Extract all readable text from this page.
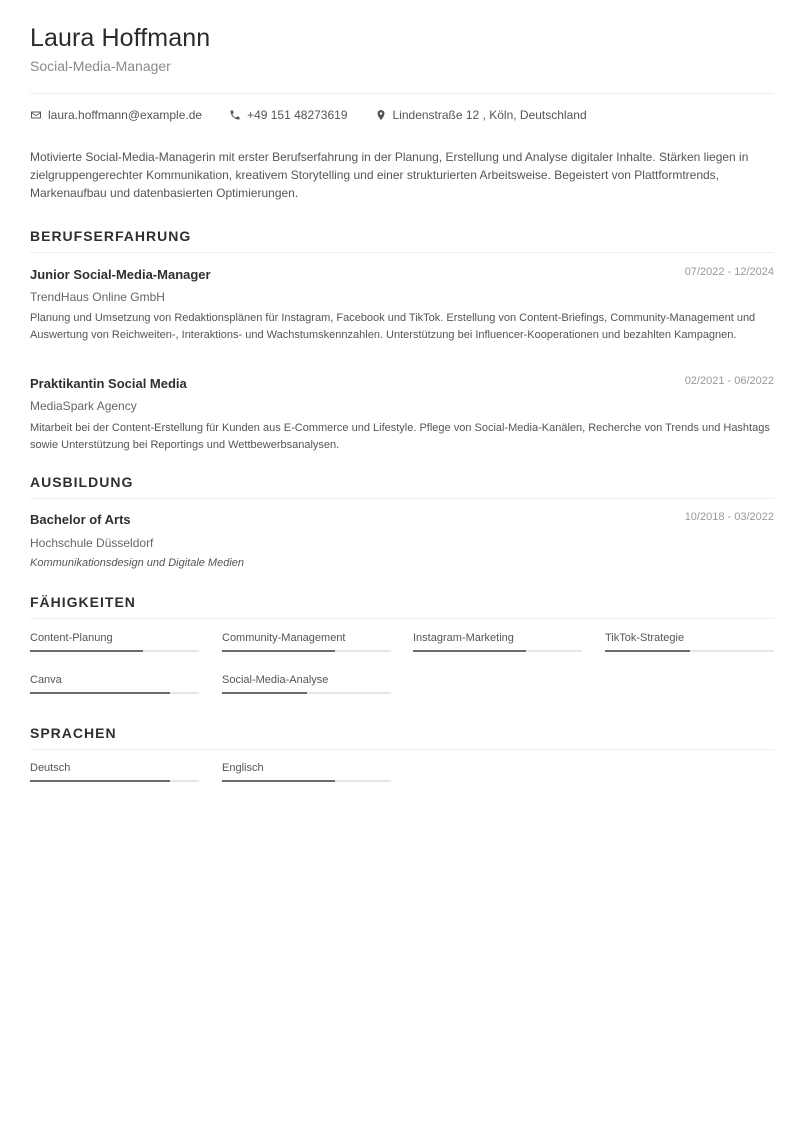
Laura Hoffmann
Social-Media-Manager
laura.hoffmann@example.de	+49 151 48273619	Lindenstraße 12 , Köln, Deutschland

Motivierte Social-Media-Managerin mit erster Berufserfahrung in der Planung, Erstellung und Analyse digitaler Inhalte. Stärken liegen in zielgruppengerechter Kommunikation, kreativem Storytelling und einer strukturierten Arbeitsweise. Begeistert von Plattformtrends, Markenaufbau und datenbasierten Optimierungen.

BERUFSERFAHRUNG
Junior Social-Media-Manager	07/2022 - 12/2024
TrendHaus Online GmbH

Planung und Umsetzung von Redaktionsplänen für Instagram, Facebook und TikTok. Erstellung von Content-Briefings, Community-Management und Auswertung von Reichweiten-, Interaktions- und Wachstumskennzahlen. Unterstützung bei Influencer-Kooperationen und bezahlten Kampagnen.

Praktikantin Social Media	02/2021 - 06/2022
MediaSpark Agency

Mitarbeit bei der Content-Erstellung für Kunden aus E-Commerce und Lifestyle. Pflege von Social-Media-Kanälen, Recherche von Trends und Hashtags sowie Unterstützung bei Reportings und Wettbewerbsanalysen.

AUSBILDUNG
Bachelor of Arts	10/2018 - 03/2022
Hochschule Düsseldorf
Kommunikationsdesign und Digitale Medien
FÄHIGKEITEN
Content-Planung	Community-Management	Instagram-Marketing	TikTok-Strategie
Canva	Social-Media-Analyse
SPRACHEN
Deutsch	Englisch
